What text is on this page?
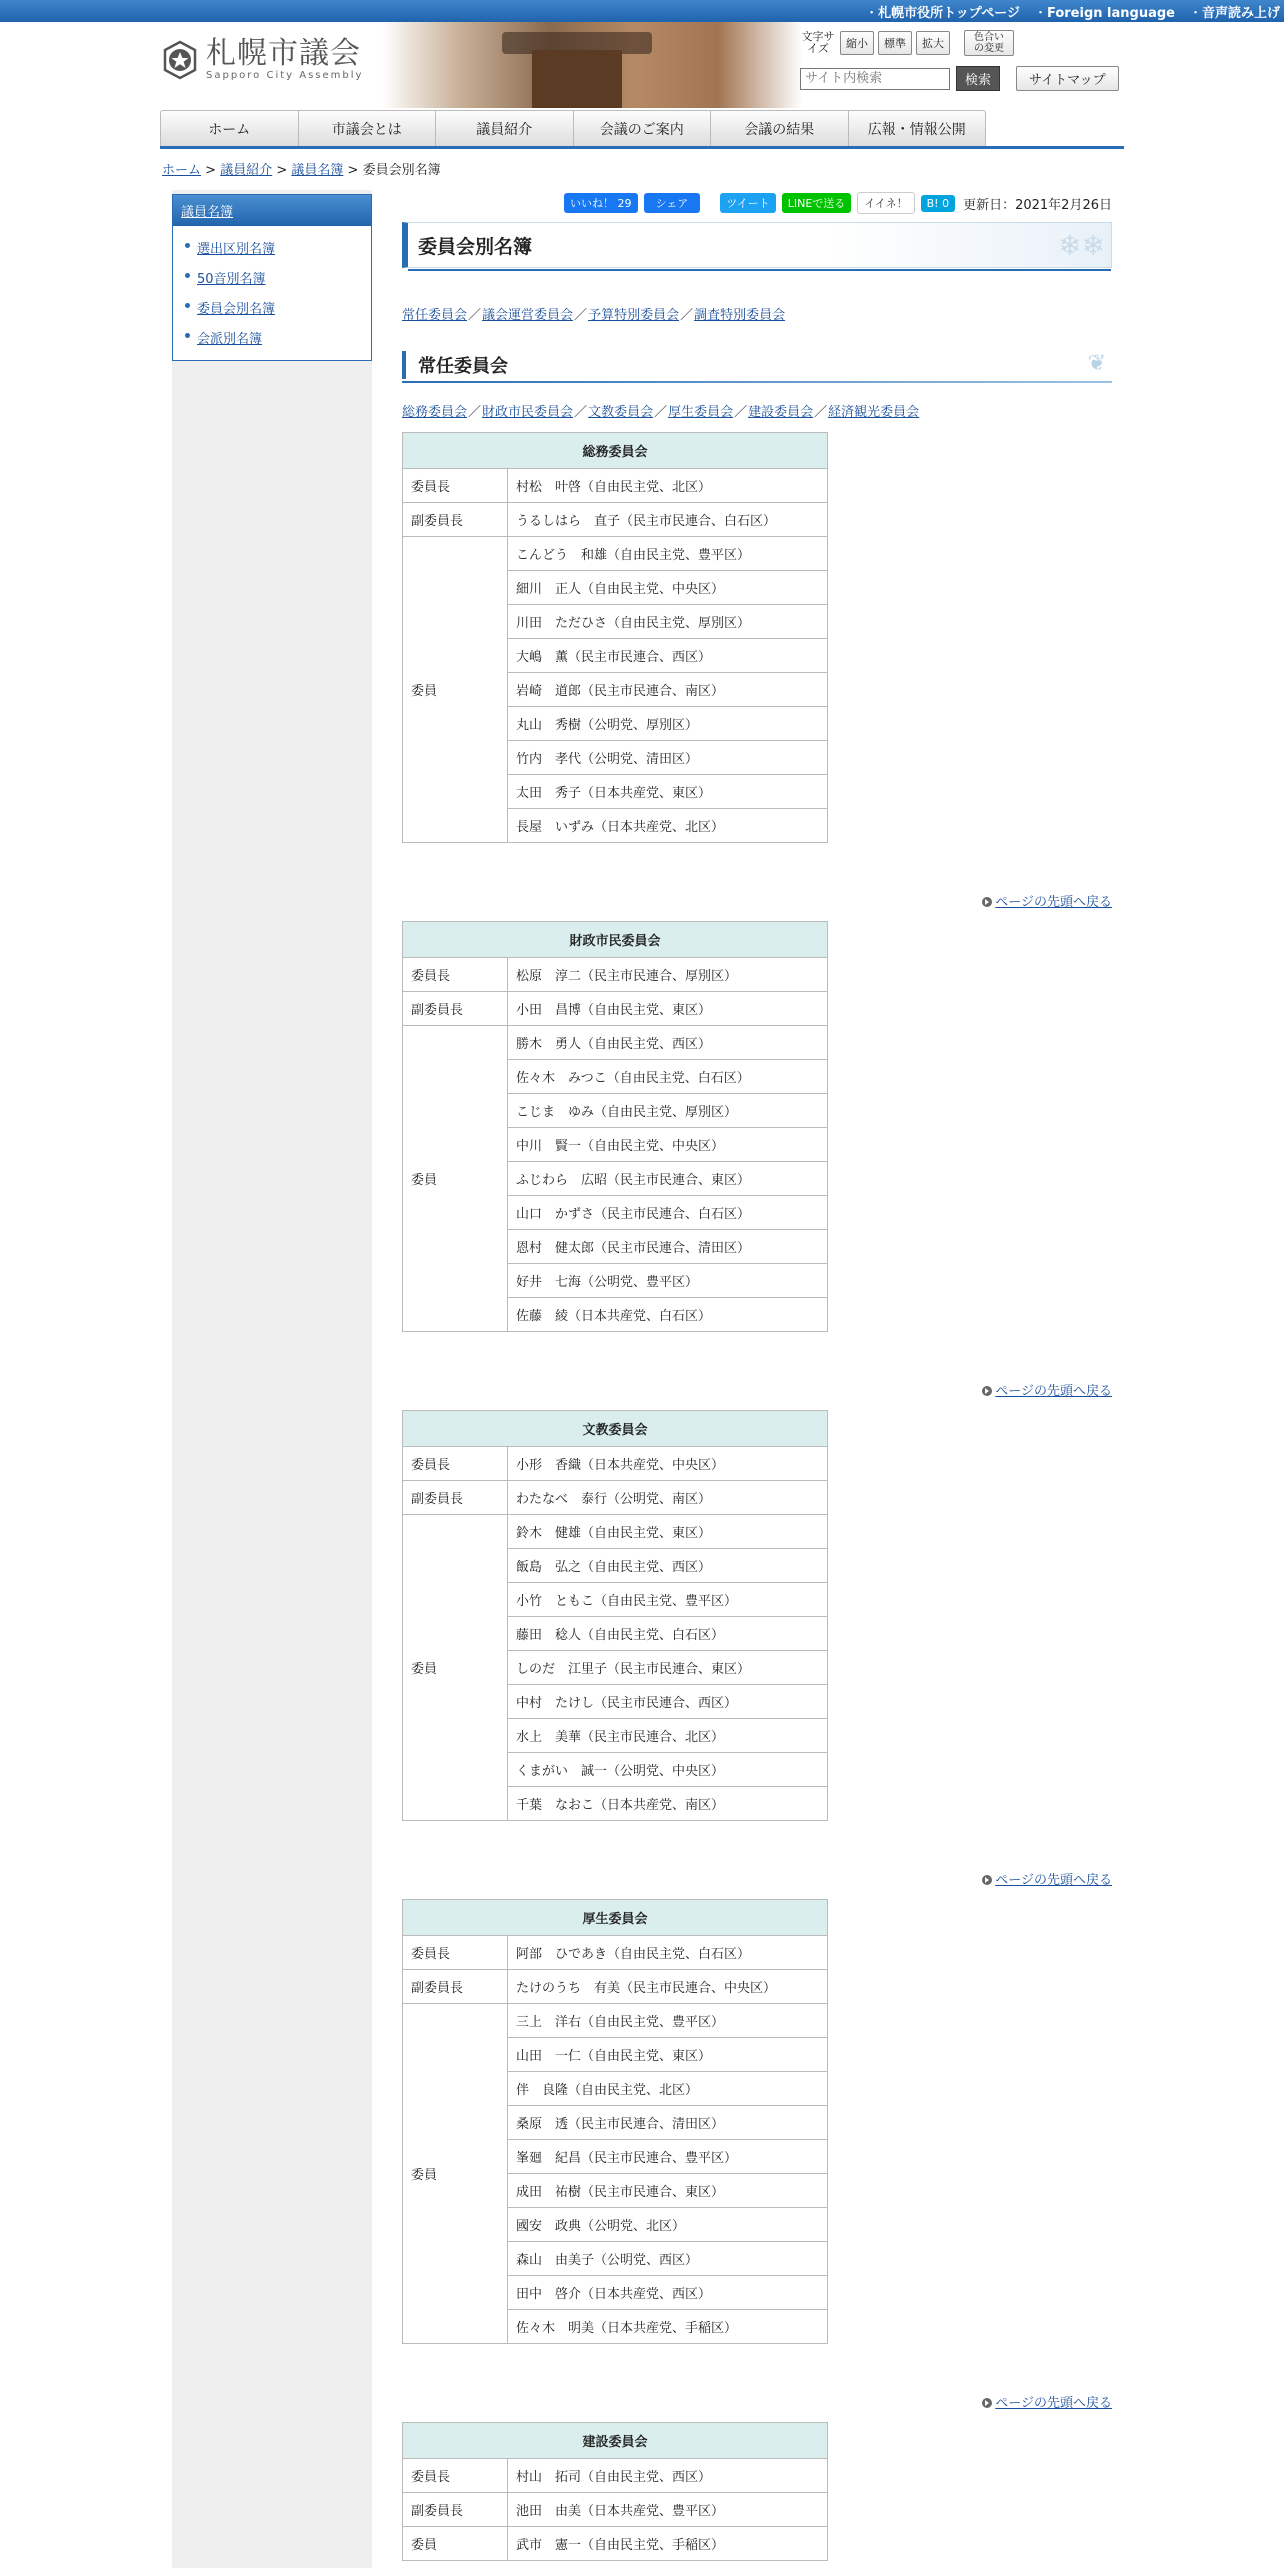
・ 札幌市役所トップページ	・ Foreign language	・ 音声読み上げ
札幌市議会
Sapporo City Assembly
文字サイズ	縮小	標準	拡大	色合いの変更
サイト内検索
検索	サイトマップ
ホーム	市議会とは	議員紹介	会議のご案内	会議の結果	広報・情報公開
ホーム > 議員紹介 > 議員名簿 > 委員会別名簿
議員名簿
選出区別名簿
50音別名簿
委員会別名簿
会派別名簿
いいね！ 29	シェア	ツイート	LINEで送る	イイネ！	B! 0	更新日：2021年2月26日
委員会別名簿	❄❄
常任委員会／議会運営委員会／予算特別委員会／調査特別委員会
常任委員会	❦
総務委員会／財政市民委員会／文教委員会／厚生委員会／建設委員会／経済観光委員会
総務委員会	
委員長	村松　叶啓（自由民主党、北区）
副委員長	うるしはら　直子（民主市民連合、白石区）
委員	こんどう　和雄（自由民主党、豊平区）
	細川　正人（自由民主党、中央区）
	川田　ただひさ（自由民主党、厚別区）
	大嶋　薫（民主市民連合、西区）
	岩崎　道郎（民主市民連合、南区）
	丸山　秀樹（公明党、厚別区）
	竹内　孝代（公明党、清田区）
	太田　秀子（日本共産党、東区）
	長屋　いずみ（日本共産党、北区）
ページの先頭へ戻る
財政市民委員会	
委員長	松原　淳二（民主市民連合、厚別区）
副委員長	小田　昌博（自由民主党、東区）
委員	勝木　勇人（自由民主党、西区）
	佐々木　みつこ（自由民主党、白石区）
	こじま　ゆみ（自由民主党、厚別区）
	中川　賢一（自由民主党、中央区）
	ふじわら　広昭（民主市民連合、東区）
	山口　かずさ（民主市民連合、白石区）
	恩村　健太郎（民主市民連合、清田区）
	好井　七海（公明党、豊平区）
	佐藤　綾（日本共産党、白石区）
ページの先頭へ戻る
文教委員会	
委員長	小形　香織（日本共産党、中央区）
副委員長	わたなべ　泰行（公明党、南区）
委員	鈴木　健雄（自由民主党、東区）
	飯島　弘之（自由民主党、西区）
	小竹　ともこ（自由民主党、豊平区）
	藤田　稔人（自由民主党、白石区）
	しのだ　江里子（民主市民連合、東区）
	中村　たけし（民主市民連合、西区）
	水上　美華（民主市民連合、北区）
	くまがい　誠一（公明党、中央区）
	千葉　なおこ（日本共産党、南区）
ページの先頭へ戻る
厚生委員会	
委員長	阿部　ひであき（自由民主党、白石区）
副委員長	たけのうち　有美（民主市民連合、中央区）
委員	三上　洋右（自由民主党、豊平区）
	山田　一仁（自由民主党、東区）
	伴　良隆（自由民主党、北区）
	桑原　透（民主市民連合、清田区）
	峯廻　紀昌（民主市民連合、豊平区）
	成田　祐樹（民主市民連合、東区）
	國安　政典（公明党、北区）
	森山　由美子（公明党、西区）
	田中　啓介（日本共産党、西区）
	佐々木　明美（日本共産党、手稲区）
ページの先頭へ戻る
建設委員会	
委員長	村山　拓司（自由民主党、西区）
副委員長	池田　由美（日本共産党、豊平区）
委員	武市　憲一（自由民主党、手稲区）
